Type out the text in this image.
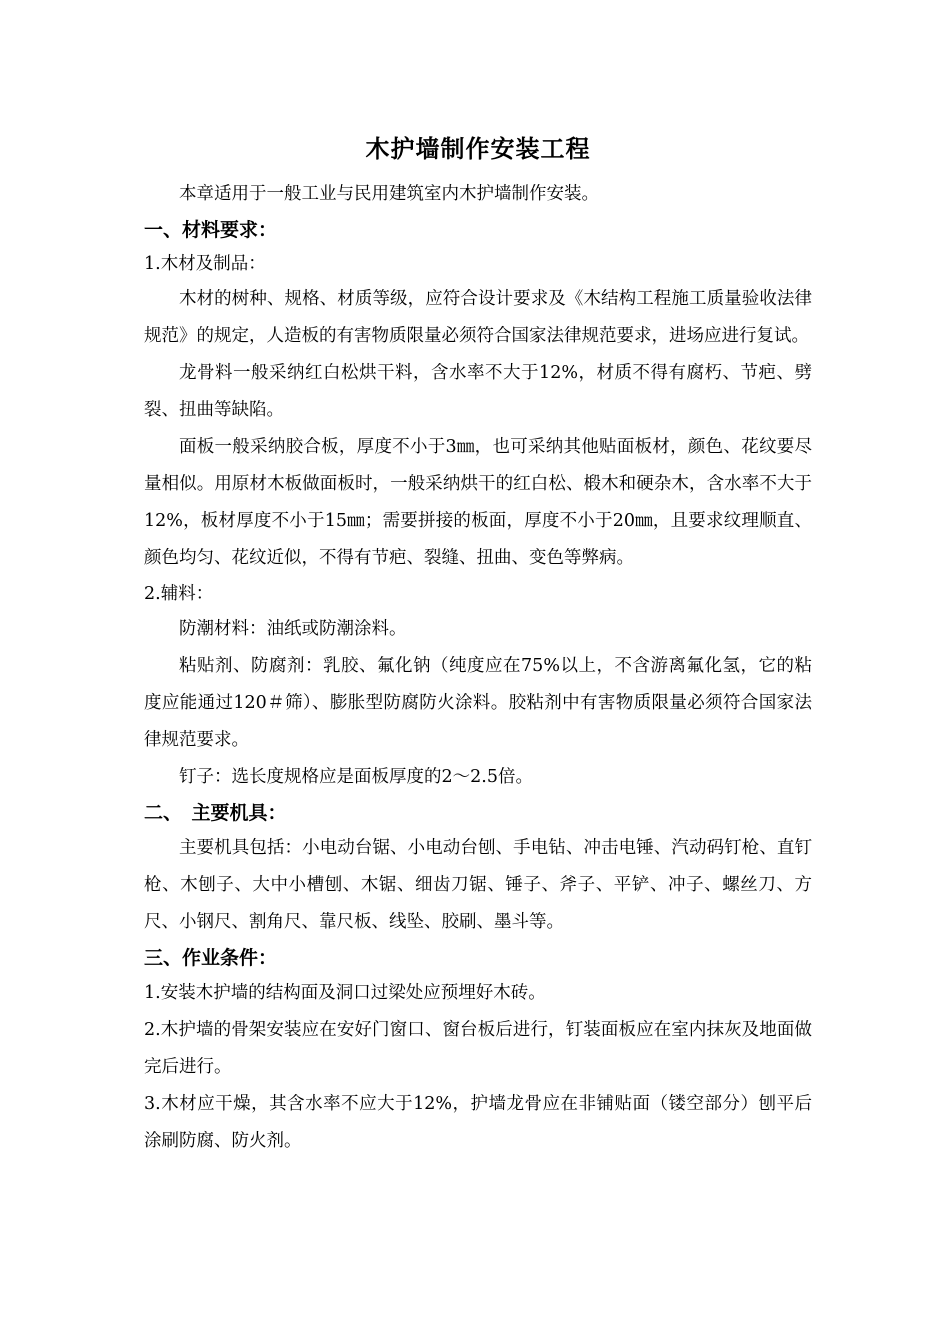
木护墙制作安装工程

本章适用于一般工业与民用建筑室内木护墙制作安装。

一、材料要求：
1.木材及制品：

木材的树种、规格、材质等级，应符合设计要求及《木结构工程施工质量验收法律规范》的规定，人造板的有害物质限量必须符合国家法律规范要求，进场应进行复试。

龙骨料一般采纳红白松烘干料，含水率不大于12%，材质不得有腐朽、节疤、劈裂、扭曲等缺陷。

面板一般采纳胶合板，厚度不小于3㎜，也可采纳其他贴面板材，颜色、花纹要尽量相似。用原材木板做面板时，一般采纳烘干的红白松、椴木和硬杂木，含水率不大于12%，板材厚度不小于15㎜；需要拼接的板面，厚度不小于20㎜，且要求纹理顺直、颜色均匀、花纹近似，不得有节疤、裂缝、扭曲、变色等弊病。

2.辅料：

防潮材料：油纸或防潮涂料。

粘贴剂、防腐剂：乳胶、氟化钠（纯度应在75%以上，不含游离氟化氢，它的粘度应能通过120＃筛）、膨胀型防腐防火涂料。胶粘剂中有害物质限量必须符合国家法律规范要求。

钉子：选长度规格应是面板厚度的2～2.5倍。

二、　主要机具：

主要机具包括：小电动台锯、小电动台刨、手电钻、冲击电锤、汽动码钉枪、直钉枪、木刨子、大中小槽刨、木锯、细齿刀锯、锤子、斧子、平铲、冲子、螺丝刀、方尺、小钢尺、割角尺、靠尺板、线坠、胶刷、墨斗等。

三、作业条件：

1.安装木护墙的结构面及洞口过梁处应预埋好木砖。

2.木护墙的骨架安装应在安好门窗口、窗台板后进行，钉装面板应在室内抹灰及地面做完后进行。

3.木材应干燥，其含水率不应大于12%，护墙龙骨应在非铺贴面（镂空部分）刨平后涂刷防腐、防火剂。
